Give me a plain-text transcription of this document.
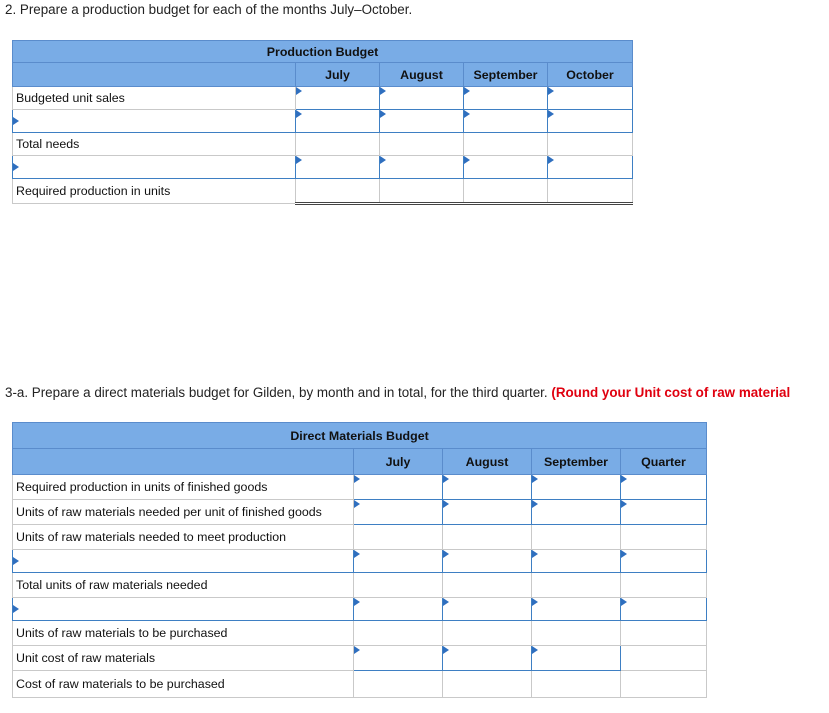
2. Prepare a production budget for each of the months July–October.
Production Budget				
	July	August	September	October
Budgeted unit sales	

Total needs				

Required production in units				
3-a. Prepare a direct materials budget for Gilden, by month and in total, for the third quarter. (Round your Unit cost of raw material
Direct Materials Budget				
	July	August	September	Quarter
Required production in units of finished goods	

Units of raw materials needed per unit of finished goods	

Units of raw materials needed to meet production				

Total units of raw materials needed				

Units of raw materials to be purchased				
Unit cost of raw materials	

Cost of raw materials to be purchased				
